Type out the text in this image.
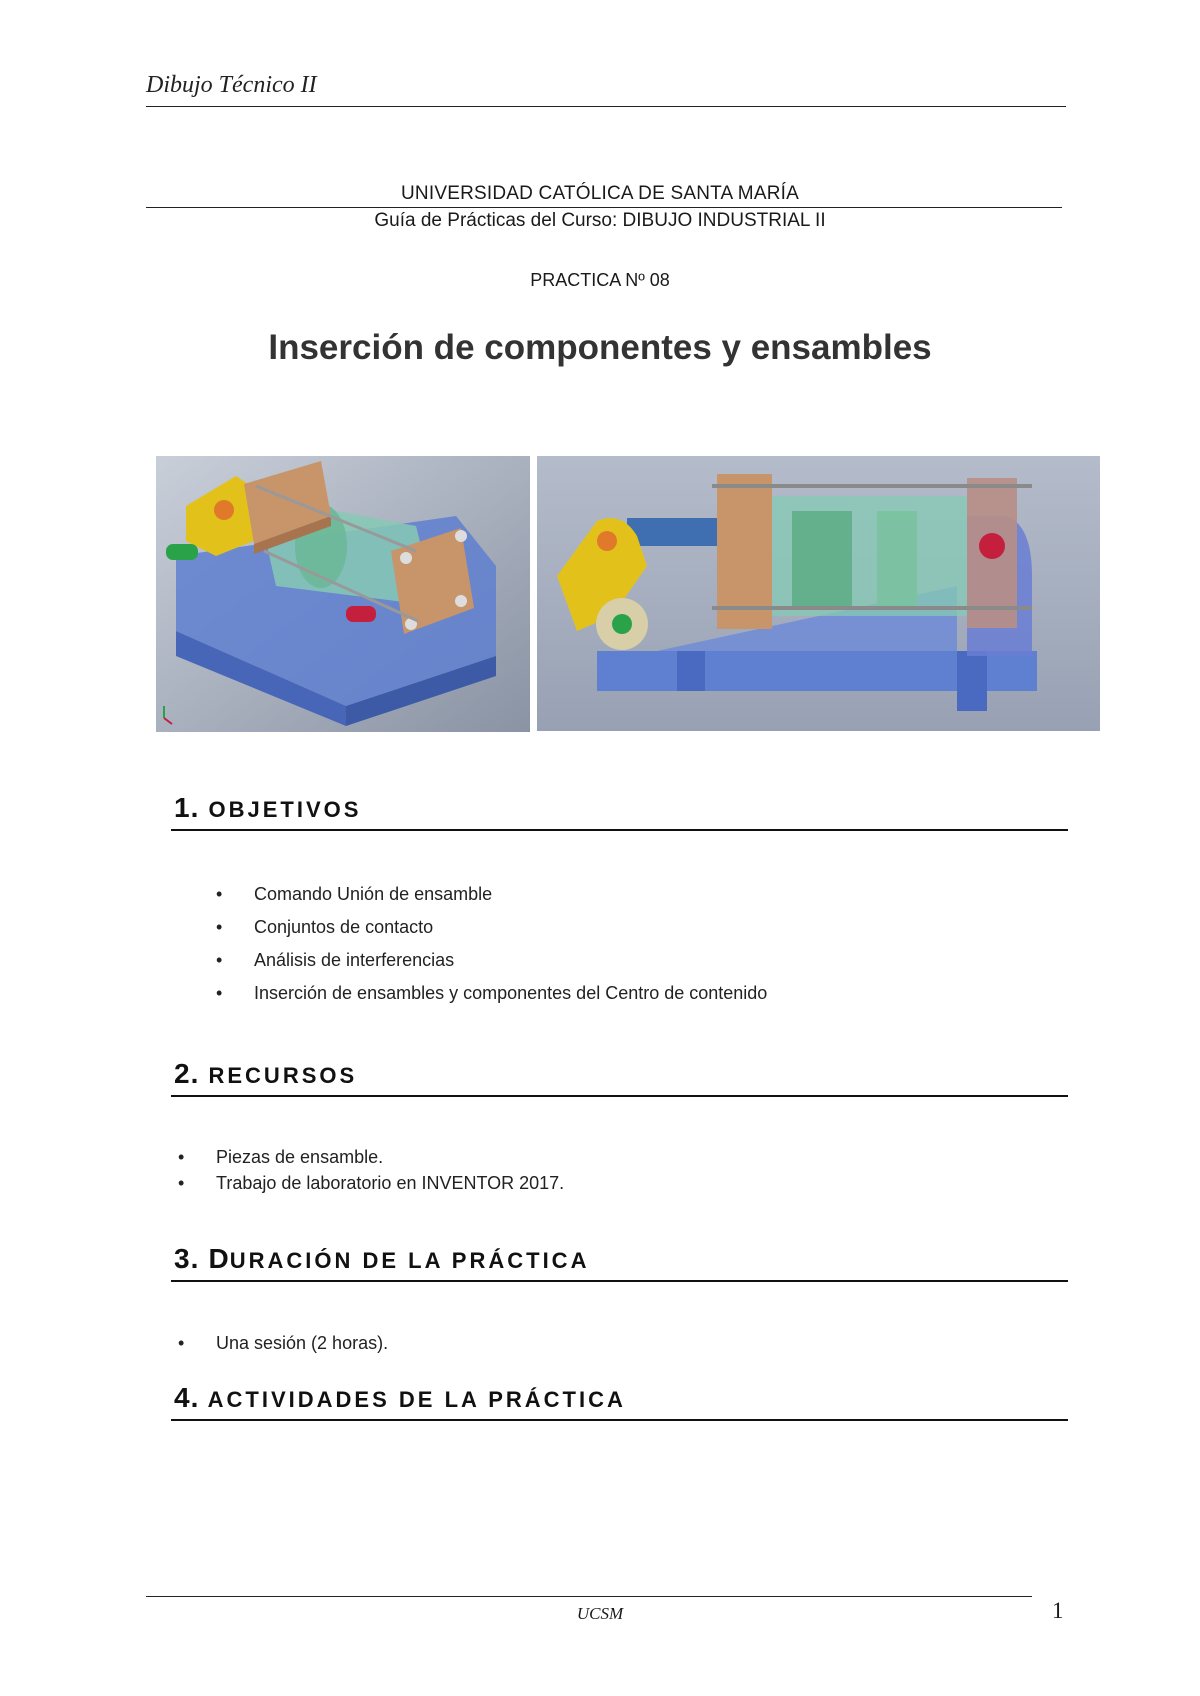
Dibujo Técnico II
UNIVERSIDAD CATÓLICA DE SANTA MARÍA
Guía de Prácticas del Curso: DIBUJO INDUSTRIAL II
PRACTICA Nº 08
Inserción de componentes y ensambles
1. OBJETIVOS
• Comando Unión de ensamble
• Conjuntos de contacto
• Análisis de interferencias
• Inserción de ensambles y componentes del Centro de contenido
2. RECURSOS
• Piezas de ensamble.
• Trabajo de laboratorio en INVENTOR 2017.
3. DURACIÓN DE LA PRÁCTICA
• Una sesión (2 horas).
4. ACTIVIDADES DE LA PRÁCTICA
UCSM	1
